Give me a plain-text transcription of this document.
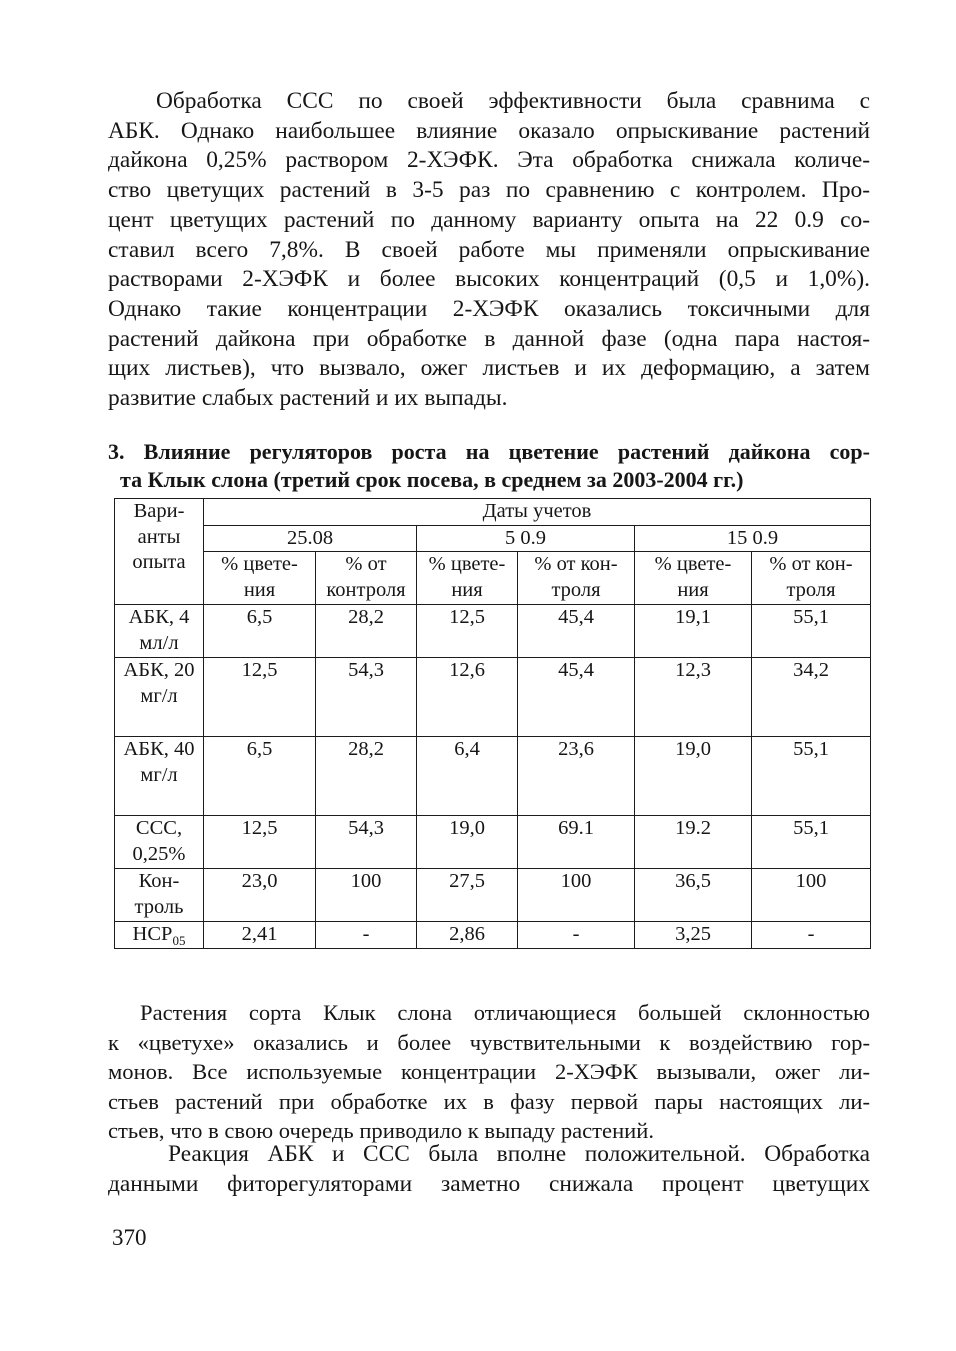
Обработка ССС по своей эффективности была сравнима с
АБК. Однако наибольшее влияние оказало опрыскивание растений
дайкона 0,25% раствором 2-ХЭФК. Эта обработка снижала количе-
ство цветущих растений в 3-5 раз по сравнению с контролем. Про-
цент цветущих растений по данному варианту опыта на 22 0.9 со-
ставил всего 7,8%. В своей работе мы применяли опрыскивание
растворами 2-ХЭФК и более высоких концентраций (0,5 и 1,0%).
Однако такие концентрации 2-ХЭФК оказались токсичными для
растений дайкона при обработке в данной фазе (одна пара настоя-
щих листьев), что вызвало, ожег листьев и их деформацию, а затем
развитие слабых растений и их выпады.

3. Влияние регуляторов роста на цветение растений дайкона сор-
та Клык слона (третий срок посева, в среднем за 2003-2004 гг.)

Вари- анты опыта	Даты учетов					
	25.08		5 0.9		15 0.9	
	% цвете- ния	% от контроля	% цвете- ния	% от кон- троля	% цвете- ния	% от кон- троля
АБК, 4 мл/л	6,5	28,2	12,5	45,4	19,1	55,1
АБК, 20 мг/л	12,5	54,3	12,6	45,4	12,3	34,2
АБК, 40 мг/л	6,5	28,2	6,4	23,6	19,0	55,1
ССС, 0,25%	12,5	54,3	19,0	69.1	19.2	55,1
Кон- троль	23,0	100	27,5	100	36,5	100
$НСР_{05}$	2,41	-	2,86	-	3,25	-

Растения сорта Клык слона отличающиеся большей склонностью
к «цветухе» оказались и более чувствительными к воздействию гор-
монов. Все используемые концентрации 2-ХЭФК вызывали, ожег ли-
стьев растений при обработке их в фазу первой пары настоящих ли-
стьев, что в свою очередь приводило к выпаду растений.

Реакция АБК и ССС была вполне положительной. Обработка
данными фиторегуляторами заметно снижала процент цветущих

370
